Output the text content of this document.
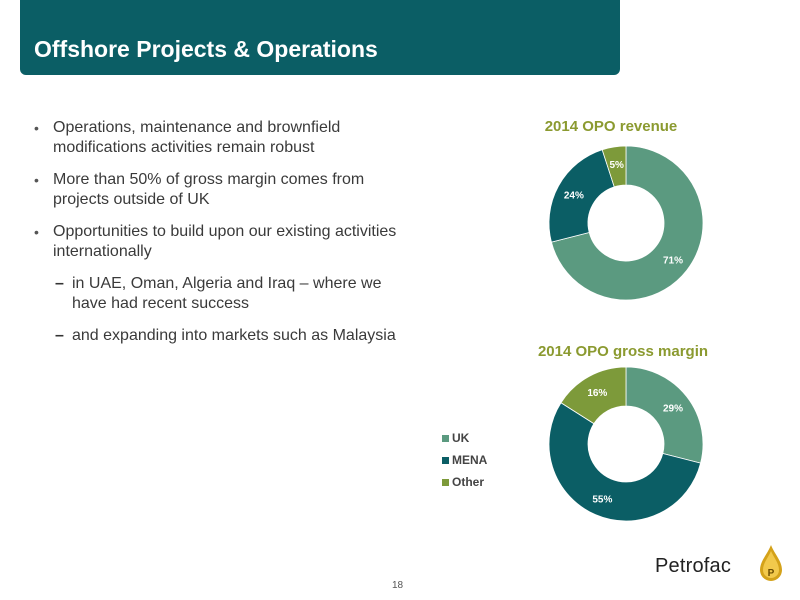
Offshore Projects & Operations
• Operations, maintenance and brownfield modifications activities remain robust
• More than 50% of gross margin comes from projects outside of UK
• Opportunities to build upon our existing activities internationally
– in UAE, Oman, Algeria and Iraq – where we have had recent success
– and expanding into markets such as Malaysia
2014 OPO revenue
71%
24%
5%
2014 OPO gross margin
29%
55%
16%
UK
MENA
Other
18
Petrofac	P
